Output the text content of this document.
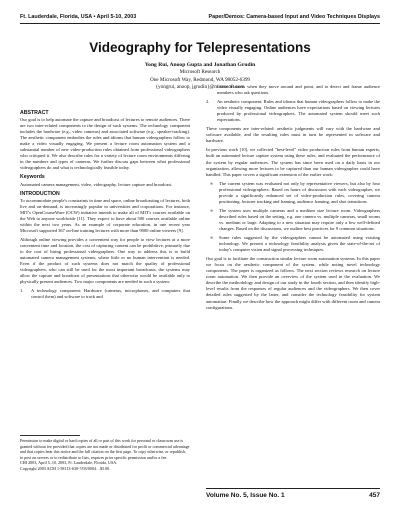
Ft. Lauderdale, Florida, USA • April 5-10, 2003	Paper/Demos: Camera-based Input and Video Techniques Displays
Videography for Telepresentations
Yong Rui, Anoop Gupta and Jonathan Grudin
Microsoft Research
One Microsoft Way, Redmond, WA 98052-6399
{yongrui, anoop, jgrudin}@microsoft.com
ABSTRACT

Our goal is to help automate the capture and broadcast of lectures to remote audiences. There are two inter-related components to the design of such systems. The technology component includes the hardware (e.g., video cameras) and associated software (e.g., speaker-tracking). The aesthetic component embodies the rules and idioms that human videographers follow to make a video visually engaging. We present a lecture room automation system and a substantial number of new video-production rules obtained from professional videographers who critiqued it. We also describe rules for a variety of lecture room environments differing in the numbers and types of cameras. We further discuss gaps between what professional videographers do and what is technologically feasible today.

Keywords

Automated camera management, video, videography, lecture capture and broadcast.

INTRODUCTION

To accommodate people's constraints in time and space, online broadcasting of lectures, both live and on-demand, is increasingly popular in universities and corporations. For instance, MIT's OpenCourseWare (OCW) initiative intends to make all of MIT's courses available on the Web to anyone worldwide [11]. They expect to have about 500 courses available online within the next two years. As an example of corporate education, in one recent year Microsoft supported 367 on-line training lectures with more than 9000 online viewers [9].

Although online viewing provides a convenient way for people to view lectures at a more convenient time and location, the cost of capturing content can be prohibitive, primarily due to the cost of hiring professional videographers. One way to address this is to build automated camera management systems, where little or no human intervention is needed. Even if the product of such systems does not match the quality of professional videographers, who can still be used for the most important broadcasts, the systems may allow the capture and broadcast of presentations that otherwise would be available only to physically present audiences. Two major components are needed in such a system:

1.	A technology component: Hardware (cameras, microphones, and computers that control them) and software to track and
Permission to make digital or hard copies of all or part of this work for personal or classroom use is granted without fee provided that copies are not made or distributed for profit or commercial advantage and that copies bear this notice and the full citation on the first page. To copy otherwise, or republish, to post on servers or to redistribute to lists, requires prior specific permission and/or a fee.
CHI 2003, April 5–10, 2003, Ft. Lauderdale, Florida, USA.
Copyright 2003 ACM 1-58113-630-7/03/0004…$5.00.

frame lecturers when they move around and point, and to detect and frame audience members who ask questions.

2.	An aesthetic component: Rules and idioms that human videographers follow to make the video visually engaging. Online audiences have expectations based on viewing lectures produced by professional videographers. The automated system should meet such expectations.

These components are inter-related: aesthetic judgments will vary with the hardware and software available, and the resulting rules must in turn be represented in software and hardware.

In previous work [10], we collected "best-level" video production rules from human experts, built an automated lecture capture system using these rules, and evaluated the performance of the system by regular audiences. The system has since been used on a daily basis in our organization, allowing more lectures to be captured than our human videographer could have handled. This paper covers a significant extension of the earlier work:

∞	The current system was evaluated not only by representative viewers, but also by four professional videographers. Based on hours of discussion with each videographer, we provide a significantly enhanced set of video-production rules, covering camera positioning, lecturer tracking and framing, audience framing, and shot transitions.
∞	The system uses multiple cameras and a medium size lecture room. Videographers described rules based on the setting, e.g. one camera vs. multiple cameras, small rooms vs. medium or large. Adapting to a new situation may require only a few well-defined changes. Based on the discussions, we outline best practices for 9 common situations.
∞	Some rules suggested by the videographers cannot be automated using existing technology. We present a technology feasibility analysis given the state-of-the-art of today's computer vision and signal processing techniques.

Our goal is to facilitate the construction similar lecture room automation systems. In this paper we focus on the aesthetic component of the system, while noting novel technology components. The paper is organized as follows. The next section reviews research on lecture room automation. We then provide an overview of the system used in the evaluation. We describe the methodology and design of our study in the fourth section, and then identify high-level results from the responses of regular audiences and the videographers. We then cover detailed rules suggested by the latter, and consider the technology feasibility for system automation. Finally we describe how the approach might differ with different room and camera configurations.

Volume No. 5, Issue No. 1	457
